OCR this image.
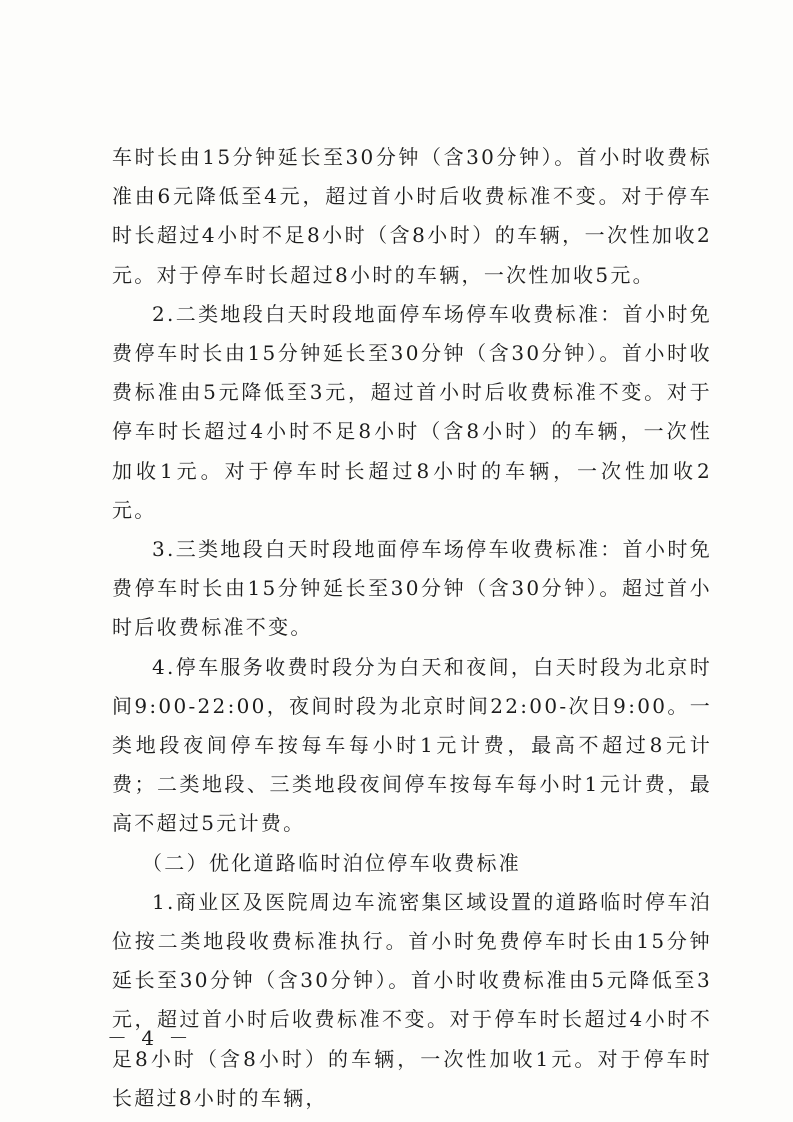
车时长由15分钟延长至30分钟（含30分钟）。首小时收费标准由6元降低至4元，超过首小时后收费标准不变。对于停车时长超过4小时不足8小时（含8小时）的车辆，一次性加收2元。对于停车时长超过8小时的车辆，一次性加收5元。

2.二类地段白天时段地面停车场停车收费标准：首小时免费停车时长由15分钟延长至30分钟（含30分钟）。首小时收费标准由5元降低至3元，超过首小时后收费标准不变。对于停车时长超过4小时不足8小时（含8小时）的车辆，一次性加收1元。对于停车时长超过8小时的车辆，一次性加收2元。

3.三类地段白天时段地面停车场停车收费标准：首小时免费停车时长由15分钟延长至30分钟（含30分钟）。超过首小时后收费标准不变。

4.停车服务收费时段分为白天和夜间，白天时段为北京时间9:00-22:00，夜间时段为北京时间22:00-次日9:00。一类地段夜间停车按每车每小时1元计费，最高不超过8元计费；二类地段、三类地段夜间停车按每车每小时1元计费，最高不超过5元计费。

（二）优化道路临时泊位停车收费标准

1.商业区及医院周边车流密集区域设置的道路临时停车泊位按二类地段收费标准执行。首小时免费停车时长由15分钟延长至30分钟（含30分钟）。首小时收费标准由5元降低至3元，超过首小时后收费标准不变。对于停车时长超过4小时不足8小时（含8小时）的车辆，一次性加收1元。对于停车时长超过8小时的车辆，

－ 4 －
